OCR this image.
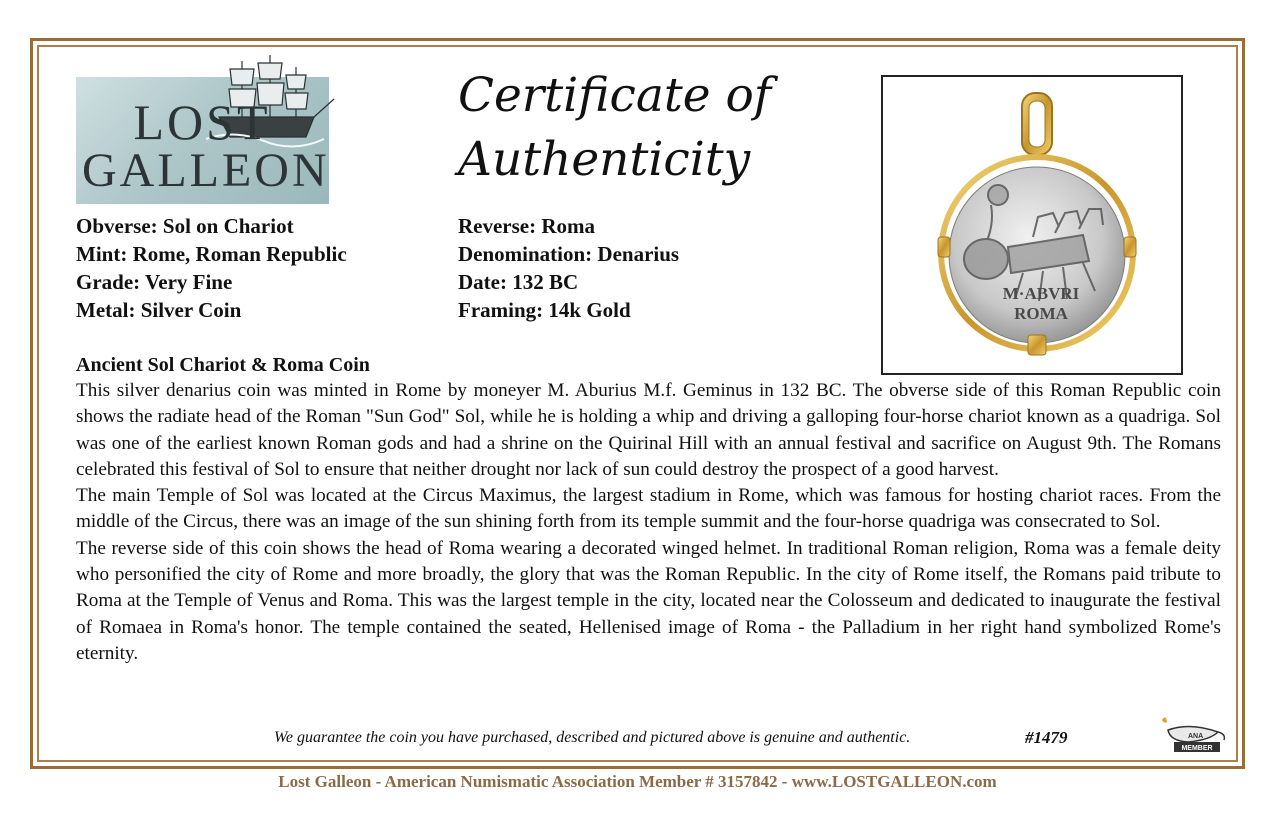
LOST
GALLEON
Certificate of
Authenticity
M·ABVRI
ROMA
Obverse: Sol on Chariot
Mint: Rome, Roman Republic
Grade: Very Fine
Metal: Silver Coin
Reverse: Roma
Denomination: Denarius
Date: 132 BC
Framing: 14k Gold
Ancient Sol Chariot & Roma Coin

This silver denarius coin was minted in Rome by moneyer M. Aburius M.f. Geminus in 132 BC. The obverse side of this Roman Republic coin shows the radiate head of the Roman "Sun God" Sol, while he is holding a whip and driving a galloping four-horse chariot known as a quadriga. Sol was one of the earliest known Roman gods and had a shrine on the Quirinal Hill with an annual festival and sacrifice on August 9th. The Romans celebrated this festival of Sol to ensure that neither drought nor lack of sun could destroy the prospect of a good harvest.

The main Temple of Sol was located at the Circus Maximus, the largest stadium in Rome, which was famous for hosting chariot races. From the middle of the Circus, there was an image of the sun shining forth from its temple summit and the four-horse quadriga was consecrated to Sol.

The reverse side of this coin shows the head of Roma wearing a decorated winged helmet. In traditional Roman religion, Roma was a female deity who personified the city of Rome and more broadly, the glory that was the Roman Republic. In the city of Rome itself, the Romans paid tribute to Roma at the Temple of Venus and Roma. This was the largest temple in the city, located near the Colosseum and dedicated to inaugurate the festival of Romaea in Roma's honor. The temple contained the seated, Hellenised image of Roma - the Palladium in her right hand symbolized Rome's eternity.

We guarantee the coin you have purchased, described and pictured above is genuine and authentic.	#1479	ANA
MEMBER
Lost Galleon - American Numismatic Association Member # 3157842 - www.LOSTGALLEON.com
